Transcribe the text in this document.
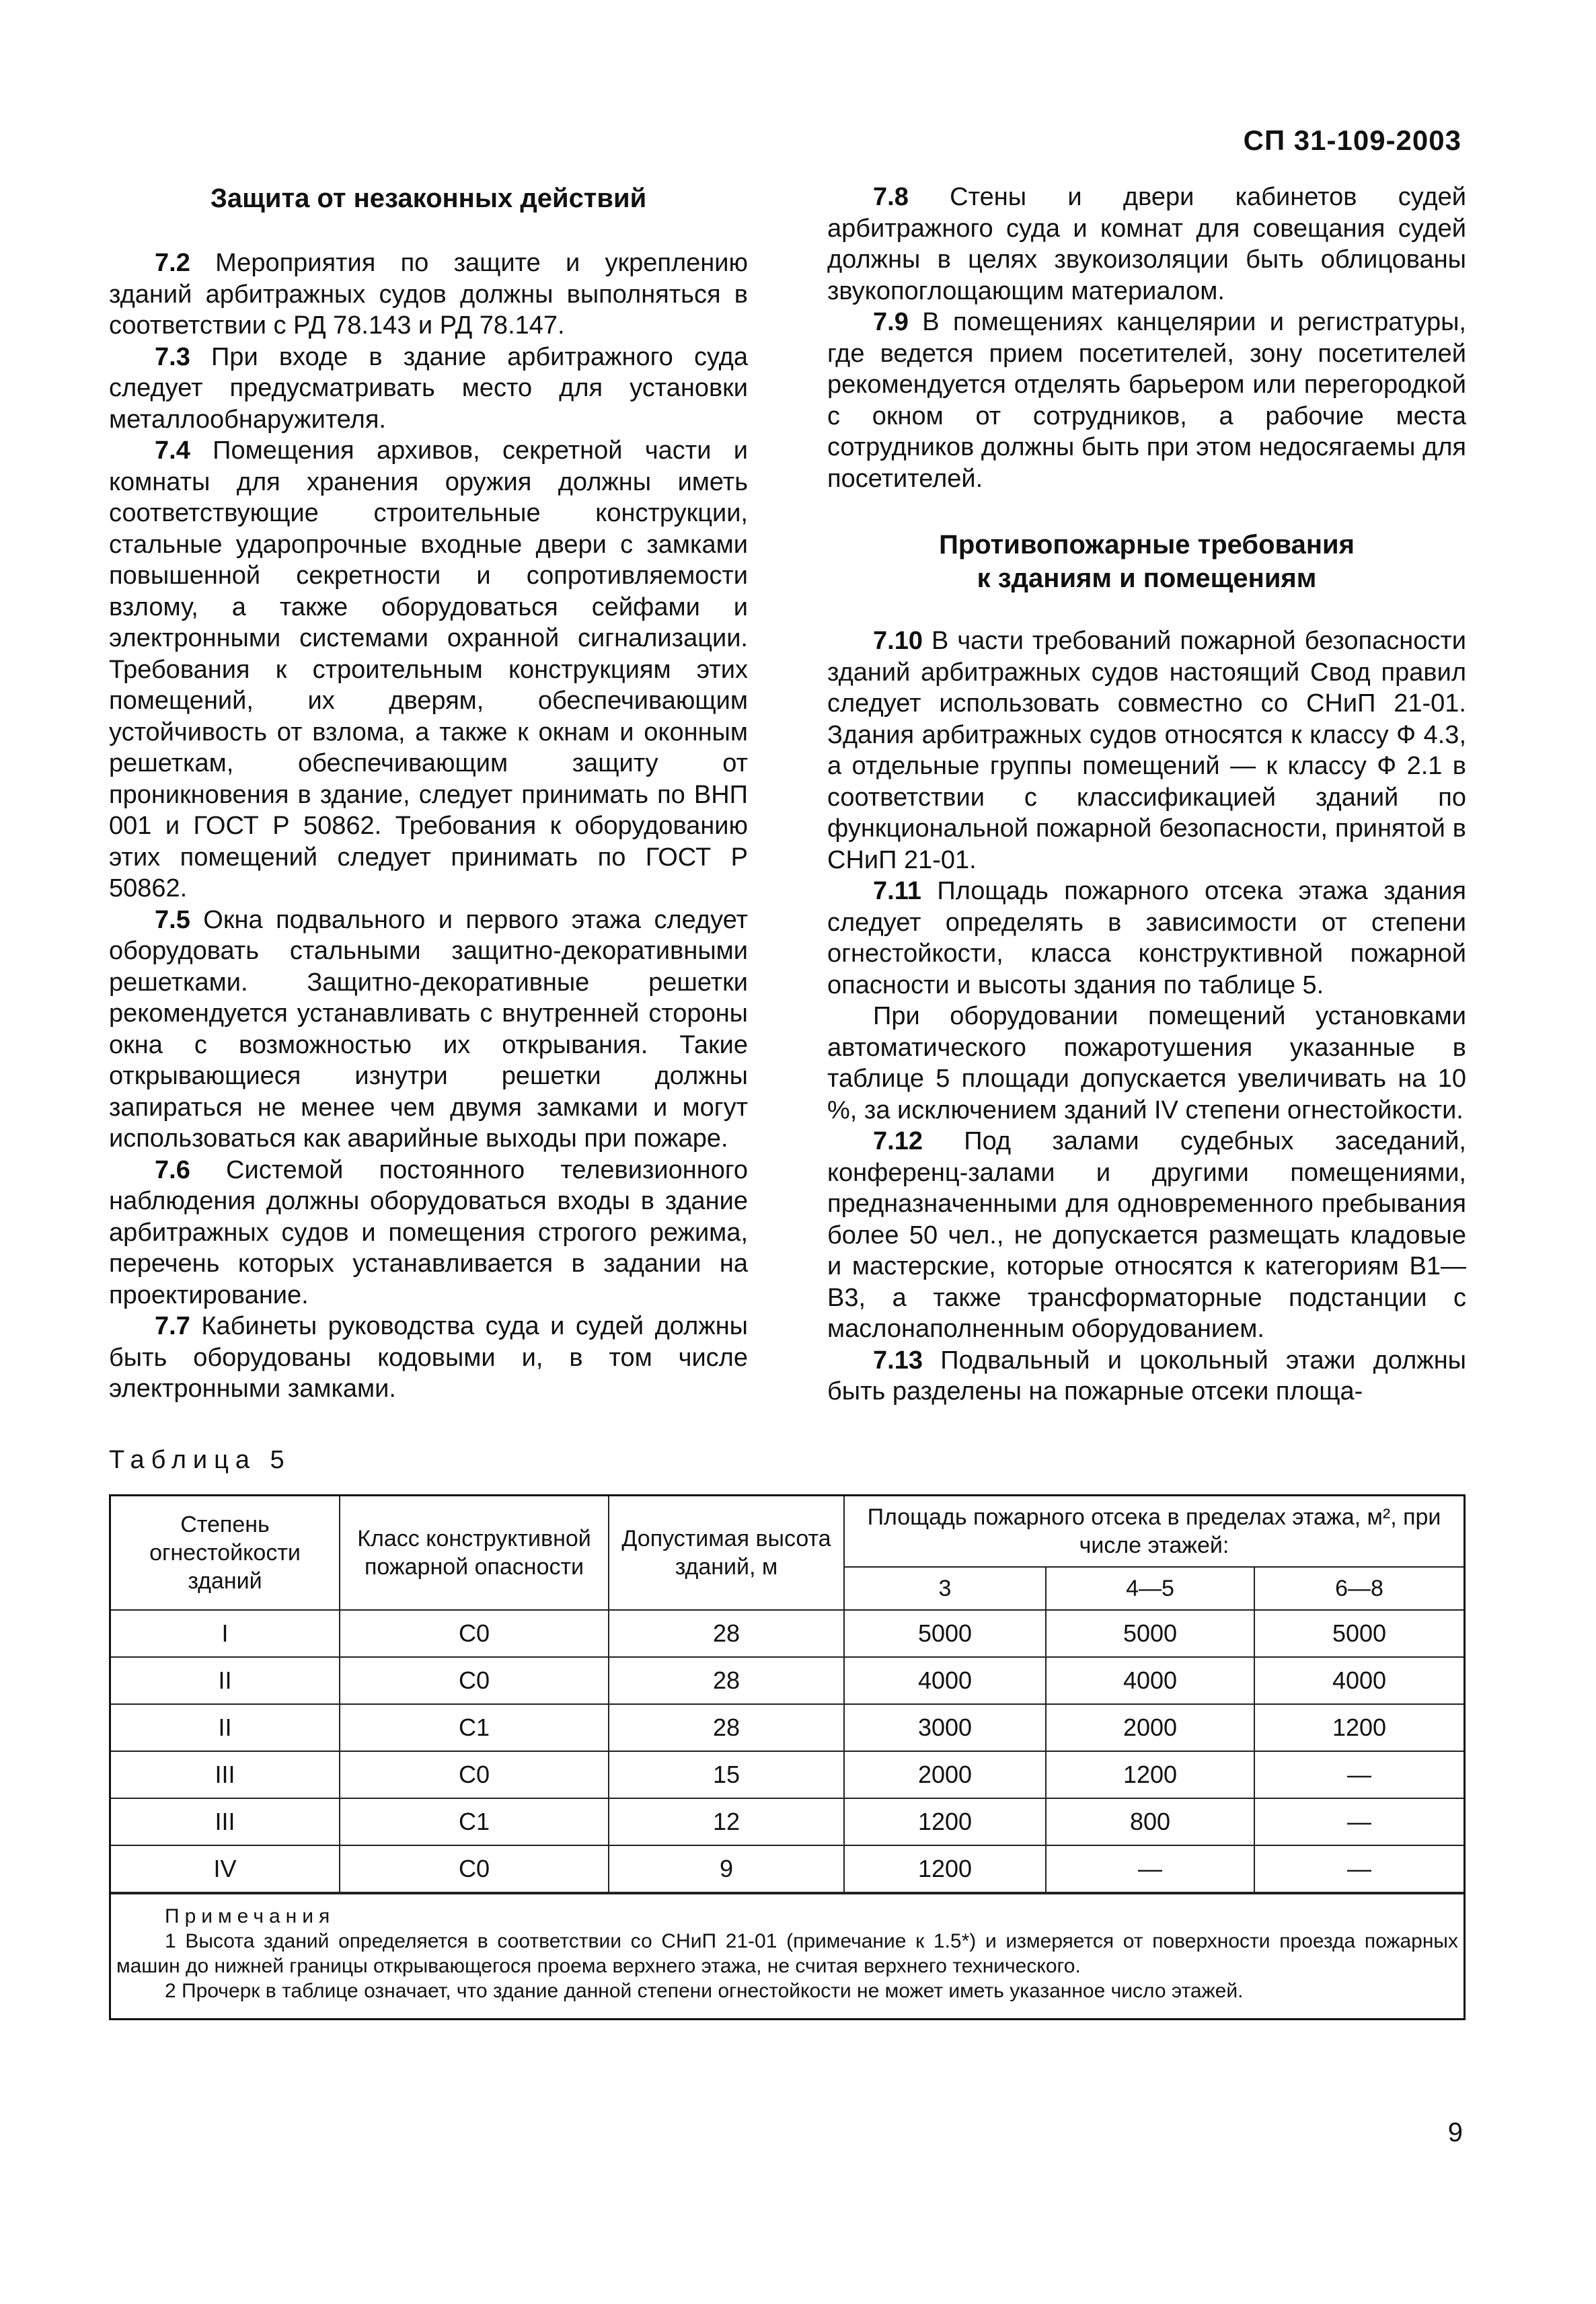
СП 31-109-2003
Защита от незаконных действий

7.2 Мероприятия по защите и укреплению зданий арбитражных судов должны выполняться в соответствии с РД 78.143 и РД 78.147.

7.3 При входе в здание арбитражного суда следует предусматривать место для установки металлообнаружителя.

7.4 Помещения архивов, секретной части и комнаты для хранения оружия должны иметь соответствующие строительные конструкции, стальные ударопрочные входные двери с замками повышенной секретности и сопротивляемости взлому, а также оборудоваться сейфами и электронными системами охранной сигнализации. Требования к строительным конструкциям этих помещений, их дверям, обеспечивающим устойчивость от взлома, а также к окнам и оконным решеткам, обеспечивающим защиту от проникновения в здание, следует принимать по ВНП 001 и ГОСТ Р 50862. Требования к оборудованию этих помещений следует принимать по ГОСТ Р 50862.

7.5 Окна подвального и первого этажа следует оборудовать стальными защитно-декоративными решетками. Защитно-декоративные решетки рекомендуется устанавливать с внутренней стороны окна с возможностью их открывания. Такие открывающиеся изнутри решетки должны запираться не менее чем двумя замками и могут использоваться как аварийные выходы при пожаре.

7.6 Системой постоянного телевизионного наблюдения должны оборудоваться входы в здание арбитражных судов и помещения строгого режима, перечень которых устанавливается в задании на проектирование.

7.7 Кабинеты руководства суда и судей должны быть оборудованы кодовыми и, в том числе электронными замками.

7.8 Стены и двери кабинетов судей арбитражного суда и комнат для совещания судей должны в целях звукоизоляции быть облицованы звукопоглощающим материалом.

7.9 В помещениях канцелярии и регистратуры, где ведется прием посетителей, зону посетителей рекомендуется отделять барьером или перегородкой с окном от сотрудников, а рабочие места сотрудников должны быть при этом недосягаемы для посетителей.

Противопожарные требования
к зданиям и помещениям

7.10 В части требований пожарной безопасности зданий арбитражных судов настоящий Свод правил следует использовать совместно со СНиП 21-01. Здания арбитражных судов относятся к классу Ф 4.3, а отдельные группы помещений — к классу Ф 2.1 в соответствии с классификацией зданий по функциональной пожарной безопасности, принятой в СНиП 21-01.

7.11 Площадь пожарного отсека этажа здания следует определять в зависимости от степени огнестойкости, класса конструктивной пожарной опасности и высоты здания по таблице 5.

При оборудовании помещений установками автоматического пожаротушения указанные в таблице 5 площади допускается увеличивать на 10 %, за исключением зданий IV степени огнестойкости.

7.12 Под залами судебных заседаний, конференц-залами и другими помещениями, предназначенными для одновременного пребывания более 50 чел., не допускается размещать кладовые и мастерские, которые относятся к категориям В1—В3, а также трансформаторные подстанции с маслонаполненным оборудованием.

7.13 Подвальный и цокольный этажи должны быть разделены на пожарные отсеки площа-

Таблица 5
Степень огнестойкости зданий	Класс конструктивной пожарной опасности	Допустимая высота зданий, м	Площадь пожарного отсека в пределах этажа, м², при числе этажей:		
			3	4—5	6—8
I	С0	28	5000	5000	5000
II	С0	28	4000	4000	4000
II	С1	28	3000	2000	1200
III	С0	15	2000	1200	—
III	С1	12	1200	800	—
IV	С0	9	1200	—	—
Примечания
1 Высота зданий определяется в соответствии со СНиП 21-01 (примечание к 1.5*) и измеряется от поверхности проезда пожарных машин до нижней границы открывающегося проема верхнего этажа, не считая верхнего технического.
2 Прочерк в таблице означает, что здание данной степени огнестойкости не может иметь указанное число этажей.
9
